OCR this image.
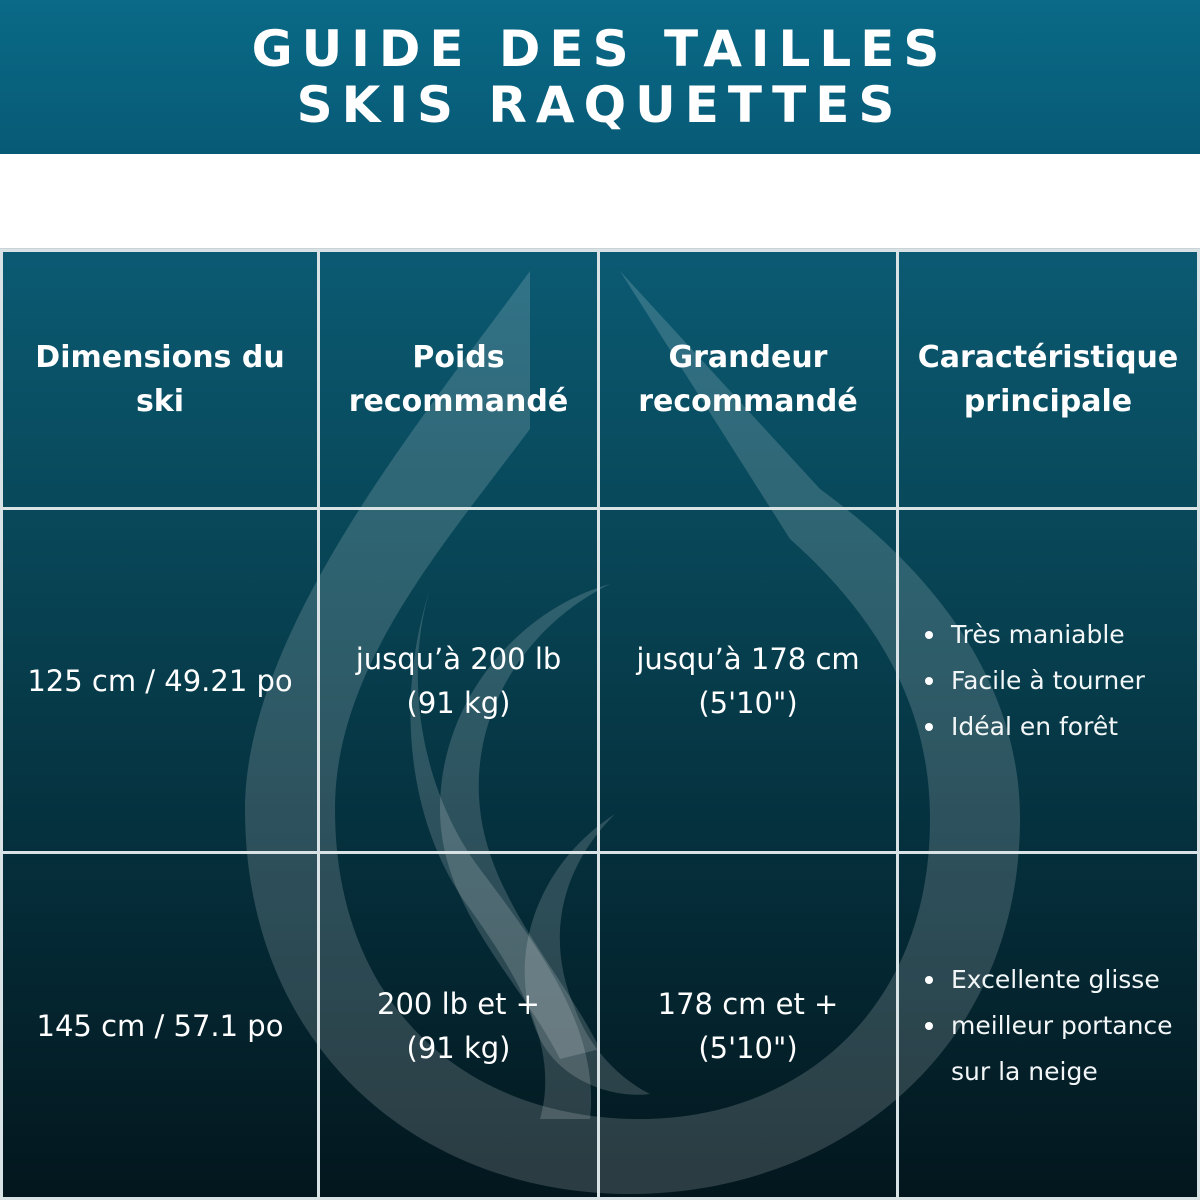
GUIDE DES TAILLES
SKIS RAQUETTES
Dimensions du
ski
Poids
recommandé
Grandeur
recommandé
Caractéristique
principale
125 cm / 49.21 po
jusqu’à 200 lb
(91 kg)
jusqu’à 178 cm
(5'10")
Très maniable
Facile à tourner
Idéal en forêt
145 cm / 57.1 po
200 lb et +
(91 kg)
178 cm et +
(5'10")
Excellente glisse
meilleur portance sur la neige
